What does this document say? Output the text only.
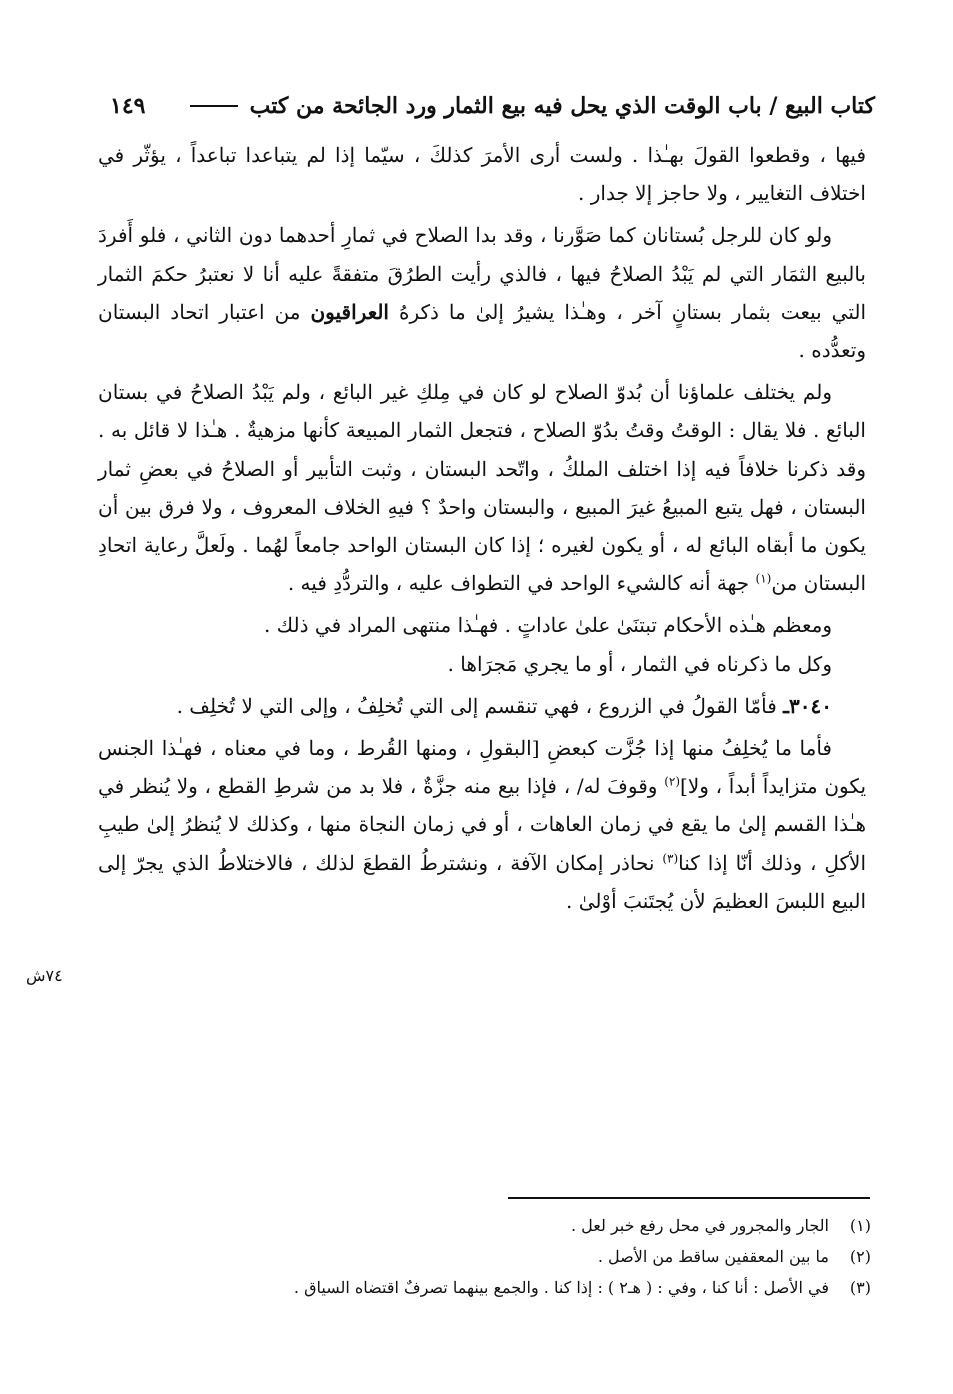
كتاب البيع / باب الوقت الذي يحل فيه بيع الثمار ورد الجائحة من كتب
١٤٩

فيها ، وقطعوا القولَ بهـٰذا . ولست أرى الأمرَ كذلكَ ، سيّما إذا لم يتباعدا تباعداً ، يؤثّر في اختلاف التغايير ، ولا حاجز إلا جدار .

ولو كان للرجل بُستانان كما صَوَّرنا ، وقد بدا الصلاح في ثمارِ أحدهما دون الثاني ، فلو أَفردَ بالبيع الثمَار التي لم يَبْدُ الصلاحُ فيها ، فالذي رأيت الطرُقَ متفقةً عليه أنا لا نعتبرُ حكمَ الثمار التي بيعت بثمار بستانٍ آخر ، وهـٰذا يشيرُ إلىٰ ما ذكرهُ العراقيون من اعتبار اتحاد البستان وتعدُّده .

ولم يختلف علماؤنا أن بُدوّ الصلاح لو كان في مِلكِ غير البائع ، ولم يَبْدُ الصلاحُ في بستان البائع . فلا يقال : الوقتُ وقتُ بدُوّ الصلاح ، فتجعل الثمار المبيعة كأنها مزهيةٌ . هـٰذا لا قائل به . وقد ذكرنا خلافاً فيه إذا اختلف الملكُ ، واتّحد البستان ، وثبت التأبير أو الصلاحُ في بعضِ ثمار البستان ، فهل يتبع المبيعُ غيرَ المبيع ، والبستان واحدٌ ؟ فيهِ الخلاف المعروف ، ولا فرق بين أن يكون ما أبقاه البائع له ، أو يكون لغيره ؛ إذا كان البستان الواحد جامعاً لهُما . ولَعلَّ رعاية اتحادِ البستان من$^{(١)}$ جهة أنه كالشيء الواحد في التطواف عليه ، والتردُّدِ فيه .

ومعظم هـٰذه الأحكام تبتنَىٰ علىٰ عاداتٍ . فهـٰذا منتهى المراد في ذلك .

وكل ما ذكرناه في الثمار ، أو ما يجري مَجرَاها .

٣٠٤٠ـ فأمّا القولُ في الزروع ، فهي تنقسم إلى التي تُخلِفُ ، وإلى التي لا تُخلِف .

فأما ما يُخلِفُ منها إذا جُزَّت كبعضِ [البقولِ ، ومنها القُرط ، وما في معناه ، فهـٰذا الجنس يكون متزايداً أبداً ، ولا]$^{(٢)}$ وقوفَ له/ ، فإذا بيع منه جزَّةٌ ، فلا بد من شرطِ القطع ، ولا يُنظر في هـٰذا القسم إلىٰ ما يقع في زمان العاهات ، أو في زمان النجاة منها ، وكذلك لا يُنظرُ إلىٰ طيبِ الأكلِ ، وذلك أنّا إذا كنا$^{(٣)}$ نحاذر إمكان الآفة ، ونشترطُ القطعَ لذلك ، فالاختلاطُ الذي يجرّ إلى البيع اللبسَ العظيمَ لأن يُجتَنبَ أوْلىٰ .

٧٤ش
(١)
الجار والمجرور في محل رفع خبر لعل .
(٢)
ما بين المعقفين ساقط من الأصل .
(٣)
في الأصل : أنا كنا ، وفي : ( هـ٢ ) : إذا كنا . والجمع بينهما تصرفٌ اقتضاه السياق .
